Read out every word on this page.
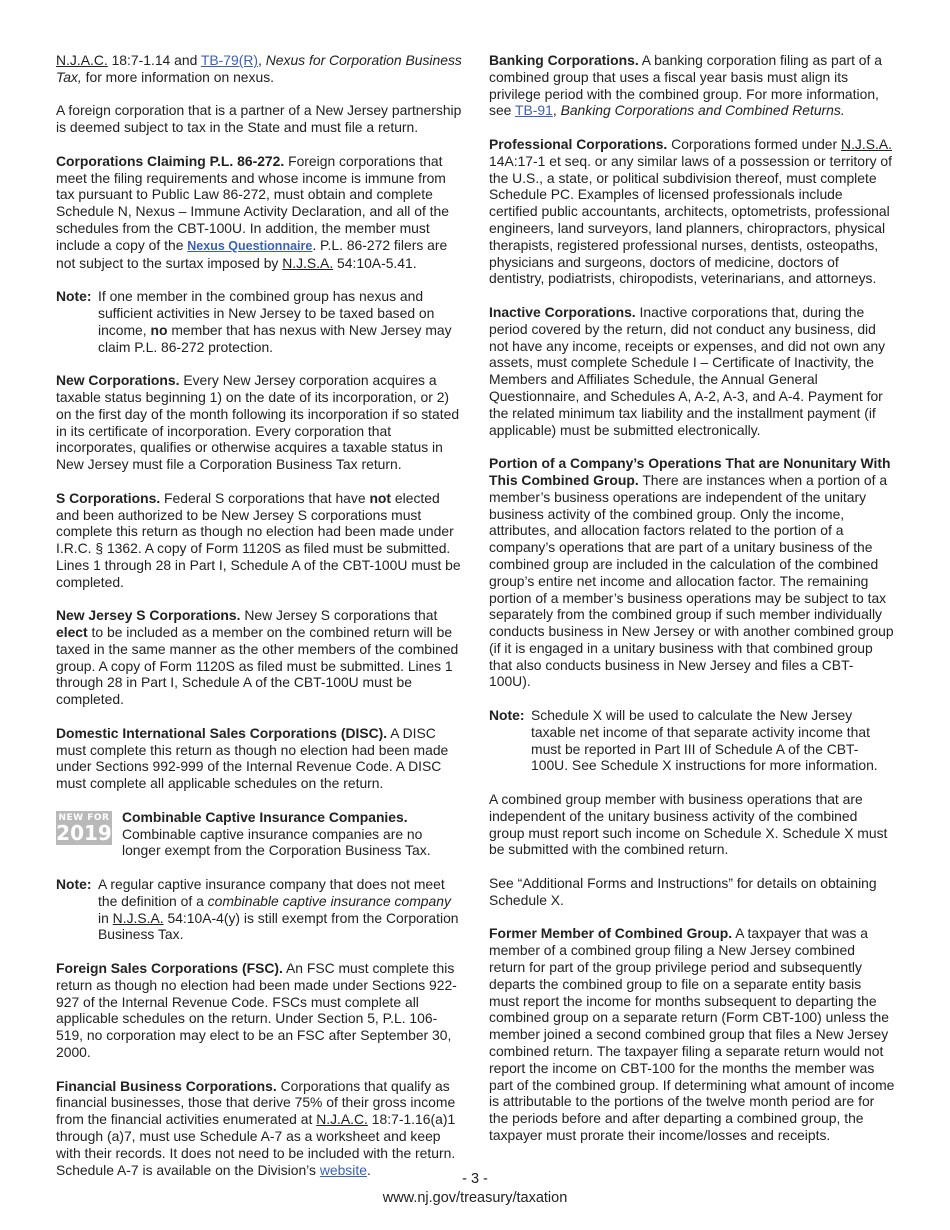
N.J.A.C. 18:7-1.14 and TB-79(R), Nexus for Corporation Business Tax, for more information on nexus.

A foreign corporation that is a partner of a New Jersey partnership is deemed subject to tax in the State and must file a return.

Corporations Claiming P.L. 86-272. Foreign corporations that meet the filing requirements and whose income is immune from tax pursuant to Public Law 86-272, must obtain and complete Schedule N, Nexus – Immune Activity Declaration, and all of the schedules from the CBT-100U. In addition, the member must include a copy of the Nexus Questionnaire. P.L. 86-272 filers are not subject to the surtax imposed by N.J.S.A. 54:10A-5.41.

Note: If one member in the combined group has nexus and sufficient activities in New Jersey to be taxed based on income, no member that has nexus with New Jersey may claim P.L. 86-272 protection.

New Corporations. Every New Jersey corporation acquires a taxable status beginning 1) on the date of its incorporation, or 2) on the first day of the month following its incorporation if so stated in its certificate of incorporation. Every corporation that incorporates, qualifies or otherwise acquires a taxable status in New Jersey must file a Corporation Business Tax return.

S Corporations. Federal S corporations that have not elected and been authorized to be New Jersey S corporations must complete this return as though no election had been made under I.R.C. § 1362. A copy of Form 1120S as filed must be submitted. Lines 1 through 28 in Part I, Schedule A of the CBT-100U must be completed.

New Jersey S Corporations. New Jersey S corporations that elect to be included as a member on the combined return will be taxed in the same manner as the other members of the combined group. A copy of Form 1120S as filed must be submitted. Lines 1 through 28 in Part I, Schedule A of the CBT-100U must be completed.

Domestic International Sales Corporations (DISC). A DISC must complete this return as though no election had been made under Sections 992-999 of the Internal Revenue Code. A DISC must complete all applicable schedules on the return.

NEW FOR
2019
Combinable Captive Insurance Companies. Combinable captive insurance companies are no longer exempt from the Corporation Business Tax.
Note: A regular captive insurance company that does not meet the definition of a combinable captive insurance company in N.J.S.A. 54:10A-4(y) is still exempt from the Corporation Business Tax.

Foreign Sales Corporations (FSC). An FSC must complete this return as though no election had been made under Sections 922-927 of the Internal Revenue Code. FSCs must complete all applicable schedules on the return. Under Section 5, P.L. 106-519, no corporation may elect to be an FSC after September 30, 2000.

Financial Business Corporations. Corporations that qualify as financial businesses, those that derive 75% of their gross income from the financial activities enumerated at N.J.A.C. 18:7-1.16(a)1 through (a)7, must use Schedule A-7 as a worksheet and keep with their records. It does not need to be included with the return. Schedule A-7 is available on the Division’s website.

Banking Corporations. A banking corporation filing as part of a combined group that uses a fiscal year basis must align its privilege period with the combined group. For more information, see TB-91, Banking Corporations and Combined Returns.

Professional Corporations. Corporations formed under N.J.S.A. 14A:17-1 et seq. or any similar laws of a possession or territory of the U.S., a state, or political subdivision thereof, must complete Schedule PC. Examples of licensed professionals include certified public accountants, architects, optometrists, professional engineers, land surveyors, land planners, chiropractors, physical therapists, registered professional nurses, dentists, osteopaths, physicians and surgeons, doctors of medicine, doctors of dentistry, podiatrists, chiropodists, veterinarians, and attorneys.

Inactive Corporations. Inactive corporations that, during the period covered by the return, did not conduct any business, did not have any income, receipts or expenses, and did not own any assets, must complete Schedule I – Certificate of Inactivity, the Members and Affiliates Schedule, the Annual General Questionnaire, and Schedules A, A-2, A-3, and A-4. Payment for the related minimum tax liability and the installment payment (if applicable) must be submitted electronically.

Portion of a Company’s Operations That are Nonunitary With This Combined Group. There are instances when a portion of a member’s business operations are independent of the unitary business activity of the combined group. Only the income, attributes, and allocation factors related to the portion of a company’s operations that are part of a unitary business of the combined group are included in the calculation of the combined group’s entire net income and allocation factor. The remaining portion of a member’s business operations may be subject to tax separately from the combined group if such member individually conducts business in New Jersey or with another combined group (if it is engaged in a unitary business with that combined group that also conducts business in New Jersey and files a CBT-100U).

Note: Schedule X will be used to calculate the New Jersey taxable net income of that separate activity income that must be reported in Part III of Schedule A of the CBT-100U. See Schedule X instructions for more information.

A combined group member with business operations that are independent of the unitary business activity of the combined group must report such income on Schedule X. Schedule X must be submitted with the combined return.

See “Additional Forms and Instructions” for details on obtaining Schedule X.

Former Member of Combined Group. A taxpayer that was a member of a combined group filing a New Jersey combined return for part of the group privilege period and subsequently departs the combined group to file on a separate entity basis must report the income for months subsequent to departing the combined group on a separate return (Form CBT-100) unless the member joined a second combined group that files a New Jersey combined return. The taxpayer filing a separate return would not report the income on CBT-100 for the months the member was part of the combined group. If determining what amount of income is attributable to the portions of the twelve month period are for the periods before and after departing a combined group, the taxpayer must prorate their income/losses and receipts.

- 3 -
www.nj.gov/treasury/taxation
